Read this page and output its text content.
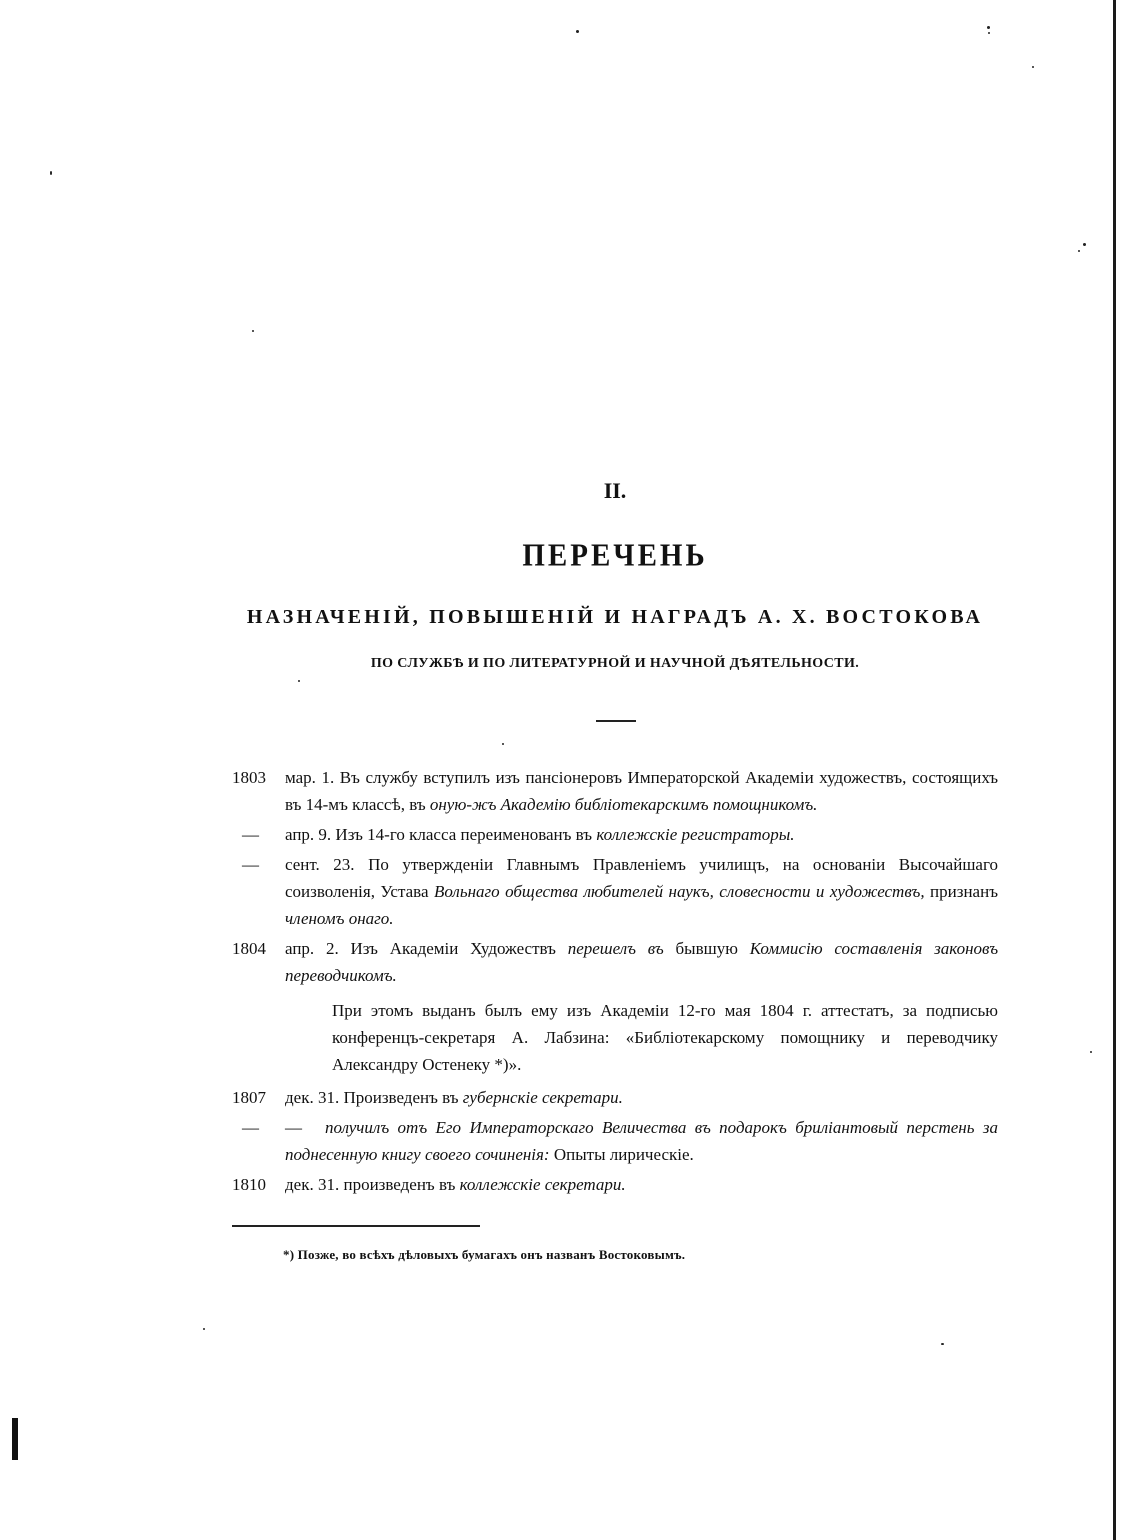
II.
ПЕРЕЧЕНЬ
НАЗНАЧЕНІЙ, ПОВЫШЕНІЙ И НАГРАДЪ А. Х. ВОСТОКОВА
ПО СЛУЖБѢ И ПО ЛИТЕРАТУРНОЙ И НАУЧНОЙ ДѢЯТЕЛЬНОСТИ.
1803 мар. 1. Въ службу вступилъ изъ пансіонеровъ Императорской Академіи художествъ, состоящихъ въ 14-мъ классѣ, въ оную-жъ Академію библіотекарскимъ помощникомъ.
— апр. 9. Изъ 14-го класса переименованъ въ коллежскіе регистраторы.
— сент. 23. По утвержденіи Главнымъ Правленіемъ училищъ, на основаніи Высочайшаго соизволенія, Устава Вольнаго общества любителей наукъ, словесности и художествъ, признанъ членомъ онаго.
1804 апр. 2. Изъ Академіи Художествъ перешелъ въ бывшую Коммисію составленія законовъ переводчикомъ.
При этомъ выданъ былъ ему изъ Академіи 12-го мая 1804 г. аттестатъ, за подписью конференцъ-секретаря А. Лабзина: «Библіотекарскому помощнику и переводчику Александру Остенеку *)».
1807 дек. 31. Произведенъ въ губернскіе секретари.
— — получилъ отъ Его Императорскаго Величества въ подарокъ бриліантовый перстень за поднесенную книгу своего сочиненія: Опыты лирическіе.
1810 дек. 31. произведенъ въ коллежскіе секретари.
*) Позже, во всѣхъ дѣловыхъ бумагахъ онъ названъ Востоковымъ.
